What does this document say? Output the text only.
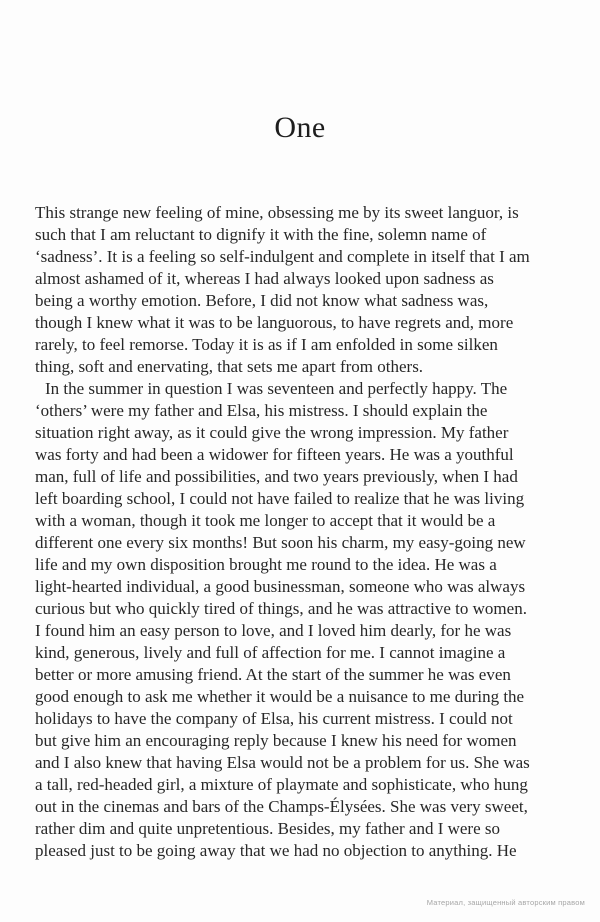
One
This strange new feeling of mine, obsessing me by its sweet languor, is
such that I am reluctant to dignify it with the fine, solemn name of
‘sadness’. It is a feeling so self-indulgent and complete in itself that I am
almost ashamed of it, whereas I had always looked upon sadness as
being a worthy emotion. Before, I did not know what sadness was,
though I knew what it was to be languorous, to have regrets and, more
rarely, to feel remorse. Today it is as if I am enfolded in some silken
thing, soft and enervating, that sets me apart from others.
In the summer in question I was seventeen and perfectly happy. The
‘others’ were my father and Elsa, his mistress. I should explain the
situation right away, as it could give the wrong impression. My father
was forty and had been a widower for fifteen years. He was a youthful
man, full of life and possibilities, and two years previously, when I had
left boarding school, I could not have failed to realize that he was living
with a woman, though it took me longer to accept that it would be a
different one every six months! But soon his charm, my easy-going new
life and my own disposition brought me round to the idea. He was a
light-hearted individual, a good businessman, someone who was always
curious but who quickly tired of things, and he was attractive to women.
I found him an easy person to love, and I loved him dearly, for he was
kind, generous, lively and full of affection for me. I cannot imagine a
better or more amusing friend. At the start of the summer he was even
good enough to ask me whether it would be a nuisance to me during the
holidays to have the company of Elsa, his current mistress. I could not
but give him an encouraging reply because I knew his need for women
and I also knew that having Elsa would not be a problem for us. She was
a tall, red-headed girl, a mixture of playmate and sophisticate, who hung
out in the cinemas and bars of the Champs-Élysées. She was very sweet,
rather dim and quite unpretentious. Besides, my father and I were so
pleased just to be going away that we had no objection to anything. He
Материал, защищенный авторским правом
